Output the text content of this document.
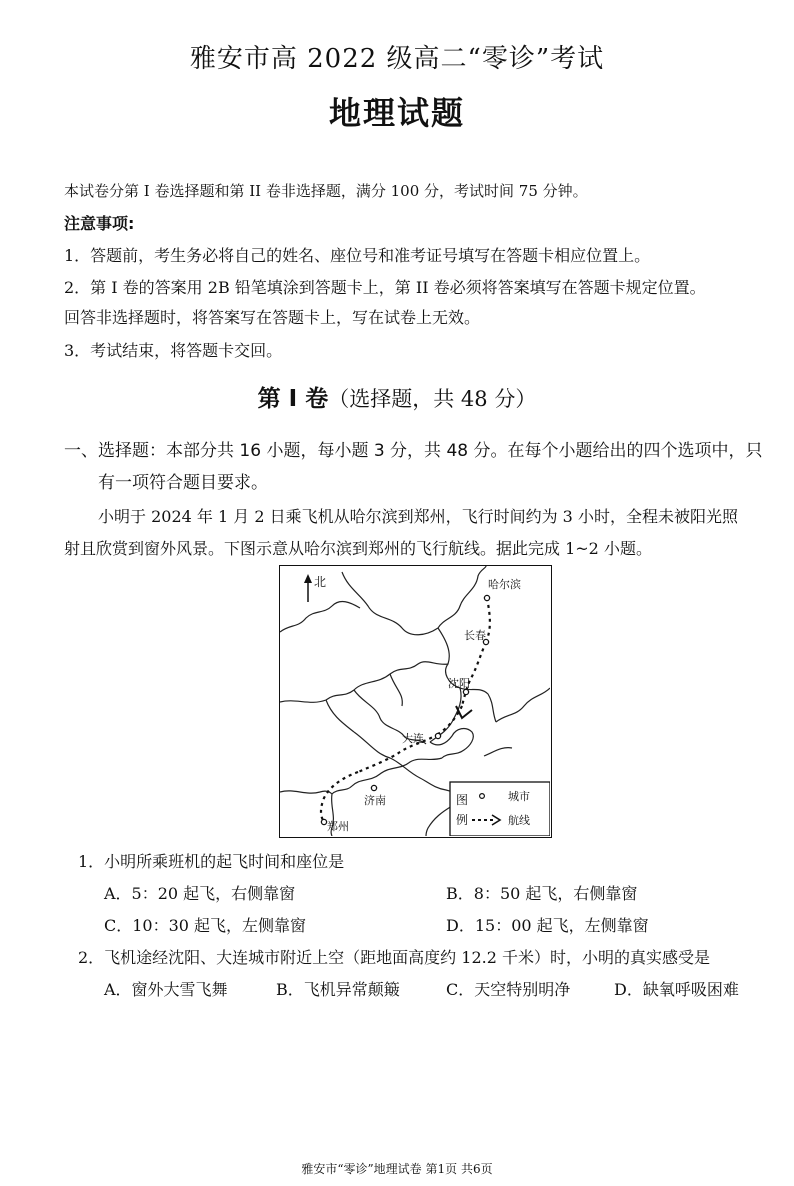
雅安市高 2022 级高二“零诊”考试
地理试题
本试卷分第 I 卷选择题和第 II 卷非选择题，满分 100 分，考试时间 75 分钟。
注意事项:
1．答题前，考生务必将自己的姓名、座位号和准考证号填写在答题卡相应位置上。
2．第 I 卷的答案用 2B 铅笔填涂到答题卡上，第 II 卷必须将答案填写在答题卡规定位置。
回答非选择题时，将答案写在答题卡上，写在试卷上无效。
3．考试结束，将答题卡交回。
第 I 卷（选择题，共 48 分）
一、选择题：本部分共 16 小题，每小题 3 分，共 48 分。在每个小题给出的四个选项中，只
有一项符合题目要求。
小明于 2024 年 1 月 2 日乘飞机从哈尔滨到郑州，飞行时间约为 3 小时，全程未被阳光照
射且欣赏到窗外风景。下图示意从哈尔滨到郑州的飞行航线。据此完成 1~2 小题。
北	哈尔滨
长春
沈阳
大连
济南
郑州
图
例
城市
航线
1．小明所乘班机的起飞时间和座位是
A．5：20 起飞，右侧靠窗	B．8：50 起飞，右侧靠窗
C．10：30 起飞，左侧靠窗	D．15：00 起飞，左侧靠窗
2．飞机途经沈阳、大连城市附近上空（距地面高度约 12.2 千米）时，小明的真实感受是
A．窗外大雪飞舞	B．飞机异常颠簸	C．天空特别明净	D．缺氧呼吸困难
雅安市“零诊”地理试卷 第1页 共6页
